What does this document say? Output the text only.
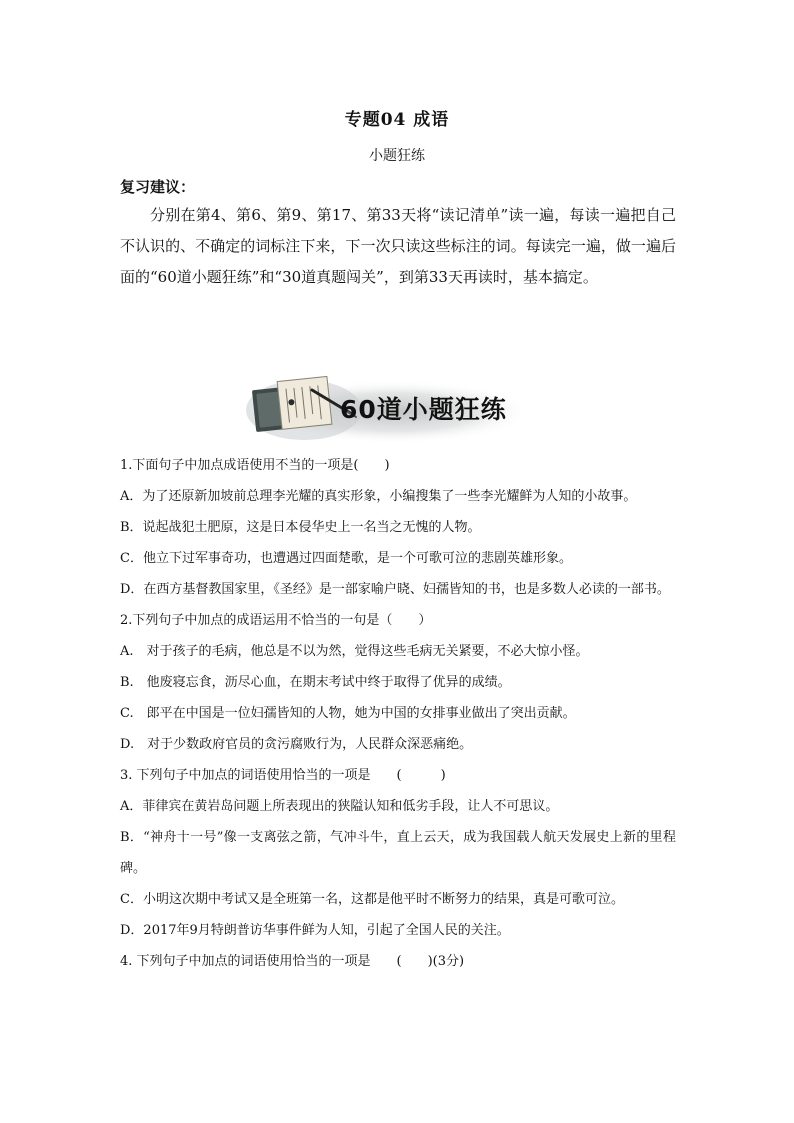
专题04 成语
小题狂练
复习建议：

分别在第4、第6、第9、第17、第33天将“读记清单”读一遍，每读一遍把自己不认识的、不确定的词标注下来，下一次只读这些标注的词。每读完一遍，做一遍后面的“60道小题狂练”和“30道真题闯关”，到第33天再读时，基本搞定。

60道小题狂练

1.下面句子中加点成语使用不当的一项是(　　)

A．为了还原新加坡前总理李光耀的真实形象，小编搜集了一些李光耀鲜为人知的小故事。

B．说起战犯土肥原，这是日本侵华史上一名当之无愧的人物。

C．他立下过军事奇功，也遭遇过四面楚歌，是一个可歌可泣的悲剧英雄形象。

D．在西方基督教国家里，《圣经》是一部家喻户晓、妇孺皆知的书，也是多数人必读的一部书。

2.下列句子中加点的成语运用不恰当的一句是（　　）

A.　对于孩子的毛病，他总是不以为然，觉得这些毛病无关紧要，不必大惊小怪。

B.　他废寝忘食，沥尽心血，在期末考试中终于取得了优异的成绩。

C.　郎平在中国是一位妇孺皆知的人物，她为中国的女排事业做出了突出贡献。

D.　对于少数政府官员的贪污腐败行为，人民群众深恶痛绝。

3. 下列句子中加点的词语使用恰当的一项是　　(　　　)

A．菲律宾在黄岩岛问题上所表现出的狭隘认知和低劣手段，让人不可思议。

B．“神舟十一号”像一支离弦之箭，气冲斗牛，直上云天，成为我国载人航天发展史上新的里程碑。

C．小明这次期中考试又是全班第一名，这都是他平时不断努力的结果，真是可歌可泣。

D．2017年9月特朗普访华事件鲜为人知，引起了全国人民的关注。

4. 下列句子中加点的词语使用恰当的一项是　　(　　)(3分)
